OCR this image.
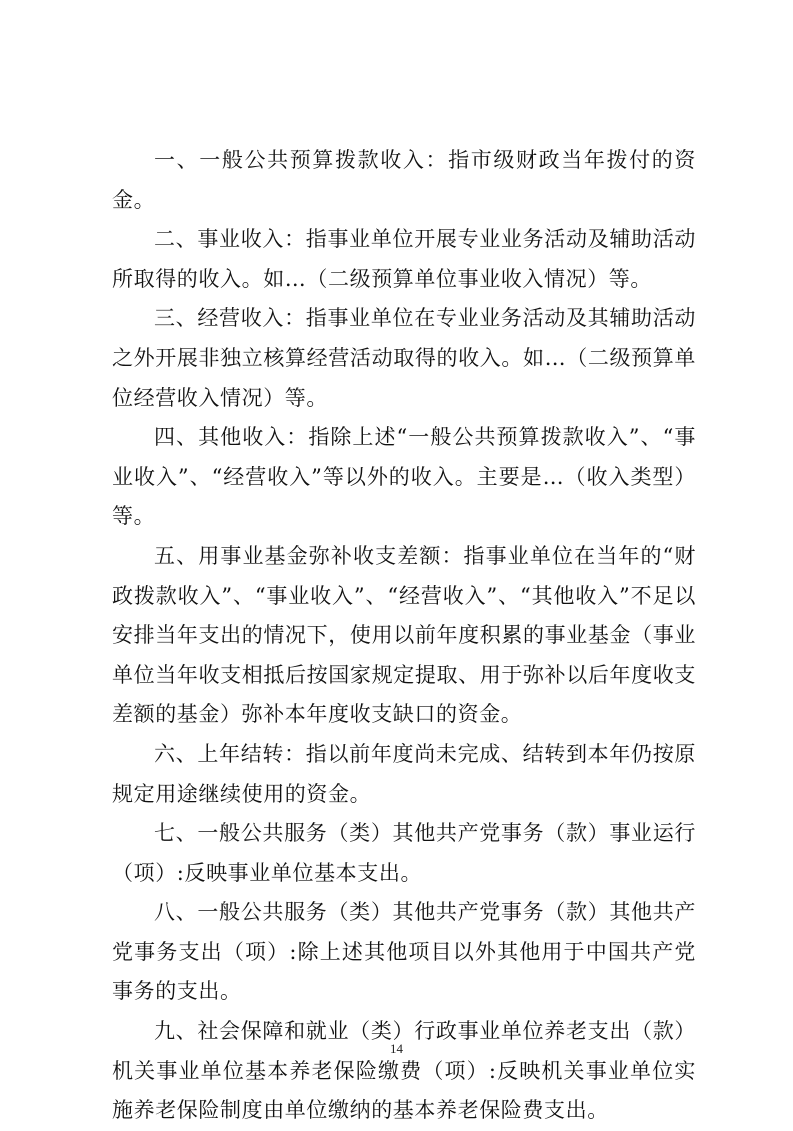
一、一般公共预算拨款收入：指市级财政当年拨付的资金。

二、事业收入：指事业单位开展专业业务活动及辅助活动所取得的收入。如…（二级预算单位事业收入情况）等。

三、经营收入：指事业单位在专业业务活动及其辅助活动之外开展非独立核算经营活动取得的收入。如…（二级预算单位经营收入情况）等。

四、其他收入：指除上述“一般公共预算拨款收入”、“事业收入”、“经营收入”等以外的收入。主要是…（收入类型）等。

五、用事业基金弥补收支差额：指事业单位在当年的“财政拨款收入”、“事业收入”、“经营收入”、“其他收入”不足以安排当年支出的情况下，使用以前年度积累的事业基金（事业单位当年收支相抵后按国家规定提取、用于弥补以后年度收支差额的基金）弥补本年度收支缺口的资金。

六、上年结转：指以前年度尚未完成、结转到本年仍按原规定用途继续使用的资金。

七、一般公共服务（类）其他共产党事务（款）事业运行（项）:反映事业单位基本支出。

八、一般公共服务（类）其他共产党事务（款）其他共产党事务支出（项）:除上述其他项目以外其他用于中国共产党事务的支出。

九、社会保障和就业（类）行政事业单位养老支出（款）机关事业单位基本养老保险缴费（项）:反映机关事业单位实施养老保险制度由单位缴纳的基本养老保险费支出。

14
